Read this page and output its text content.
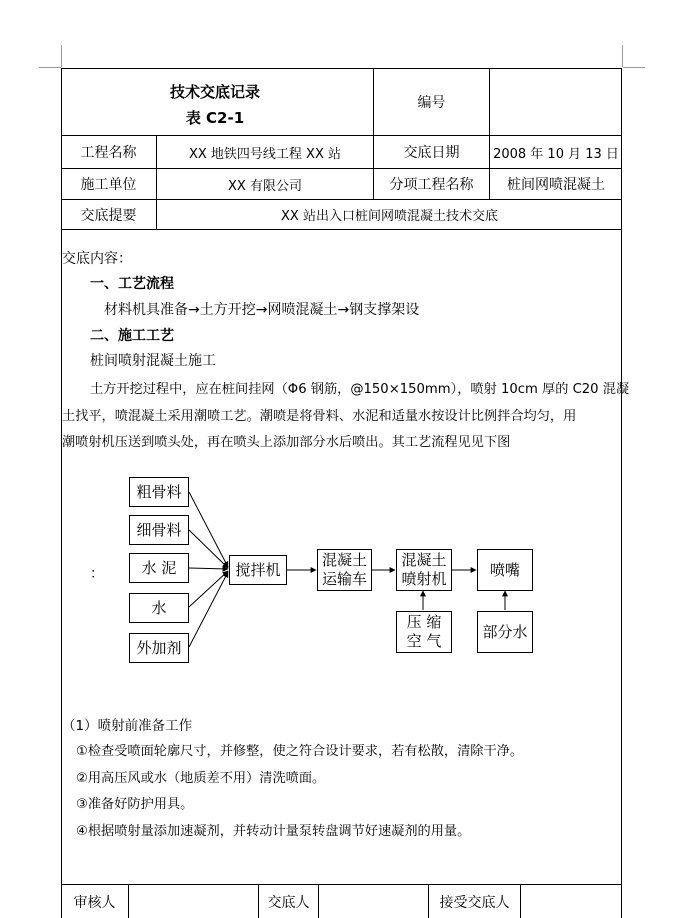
技术交底记录
表 C2-1
编号
工程名称	XX 地铁四号线工程 XX 站	交底日期	2008 年 10 月 13 日
施工单位	XX 有限公司	分项工程名称	桩间网喷混凝土
交底提要	XX 站出入口桩间网喷混凝土技术交底
交底内容：
一、工艺流程
材料机具准备→土方开挖→网喷混凝土→钢支撑架设
二、施工工艺
桩间喷射混凝土施工
土方开挖过程中，应在桩间挂网（Φ6 钢筋，@150×150mm），喷射 10cm 厚的 C20 混凝
土找平，喷混凝土采用潮喷工艺。潮喷是将骨料、水泥和适量水按设计比例拌合均匀，用
潮喷射机压送到喷头处，再在喷头上添加部分水后喷出。其工艺流程见见下图
：
粗骨料
细骨料
水 泥
水
外加剂
搅拌机
混凝土
运输车
混凝土
喷射机
喷嘴
压 缩
空 气
部分水
（1）喷射前准备工作
①检查受喷面轮廓尺寸，并修整，使之符合设计要求，若有松散，清除干净。
②用高压风或水（地质差不用）清洗喷面。
③准备好防护用具。
④根据喷射量添加速凝剂，并转动计量泵转盘调节好速凝剂的用量。
审核人	交底人	接受交底人
